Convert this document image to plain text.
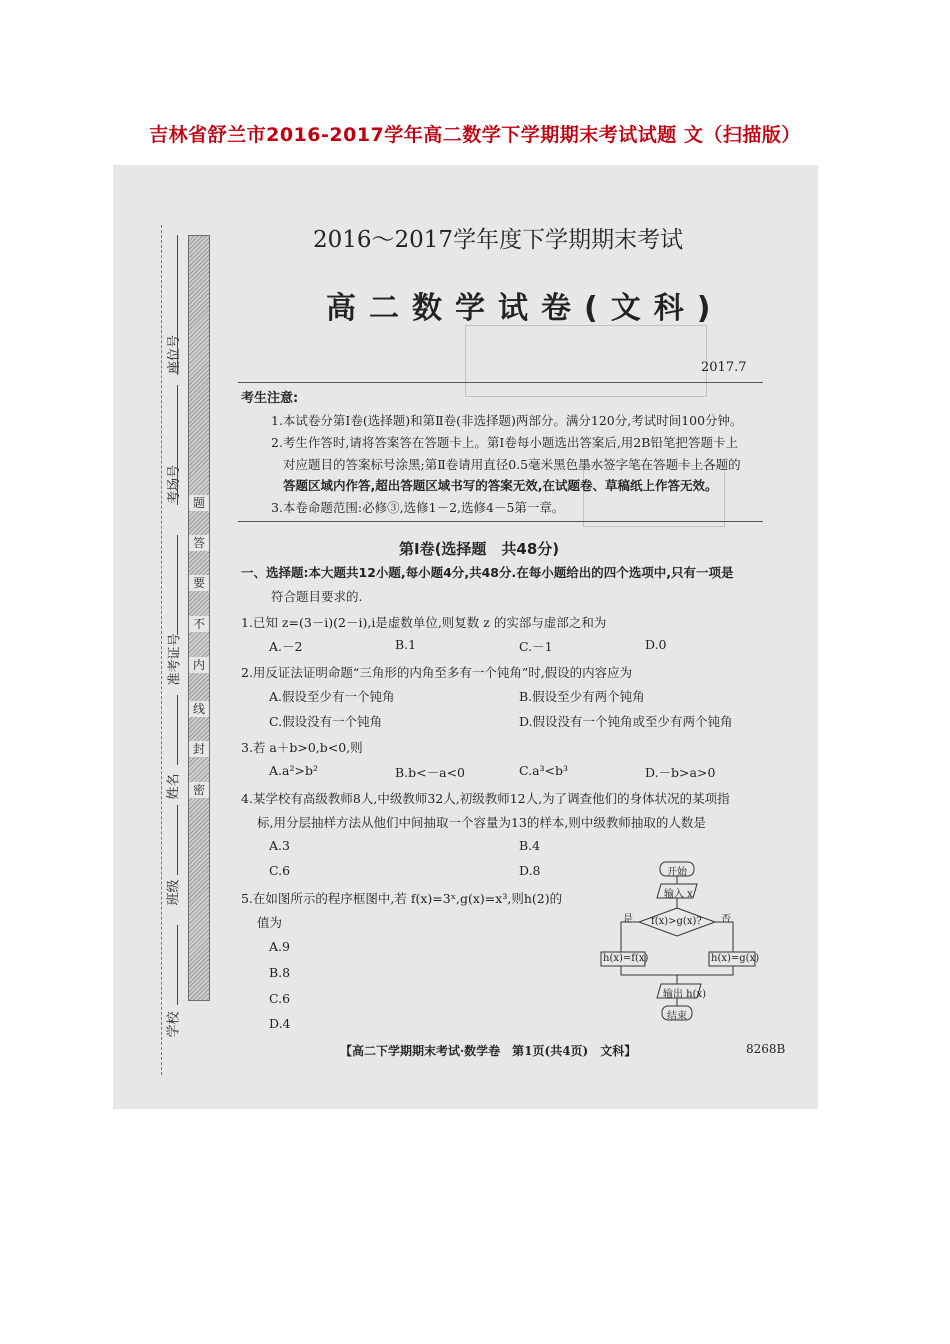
吉林省舒兰市2016-2017学年高二数学下学期期末考试试题 文（扫描版）
题
答
要
不
内
线
封
密
座位号
考场号
准考证号
姓名
班级
学校
2016～2017学年度下学期期末考试
高二数学试卷(文科)
2017.7
考生注意:
1.本试卷分第Ⅰ卷(选择题)和第Ⅱ卷(非选择题)两部分。满分120分,考试时间100分钟。
2.考生作答时,请将答案答在答题卡上。第Ⅰ卷每小题选出答案后,用2B铅笔把答题卡上
对应题目的答案标号涂黑;第Ⅱ卷请用直径0.5毫米黑色墨水签字笔在答题卡上各题的
答题区域内作答,超出答题区域书写的答案无效,在试题卷、草稿纸上作答无效。
3.本卷命题范围:必修③,选修1－2,选修4－5第一章。
第Ⅰ卷(选择题　共48分)
一、选择题:本大题共12小题,每小题4分,共48分.在每小题给出的四个选项中,只有一项是
符合题目要求的.
1.已知 z=(3－i)(2－i),i是虚数单位,则复数 z 的实部与虚部之和为
A.－2	B.1	C.－1	D.0
2.用反证法证明命题“三角形的内角至多有一个钝角”时,假设的内容应为
A.假设至少有一个钝角	B.假设至少有两个钝角
C.假设没有一个钝角	D.假设没有一个钝角或至少有两个钝角
3.若 a＋b>0,b<0,则
A.a²>b²	B.b<－a<0	C.a³<b³	D.－b>a>0
4.某学校有高级教师8人,中级教师32人,初级教师12人,为了调查他们的身体状况的某项指
标,用分层抽样方法从他们中间抽取一个容量为13的样本,则中级教师抽取的人数是
A.3	B.4
C.6	D.8
5.在如图所示的程序框图中,若 f(x)=3ˣ,g(x)=x³,则h(2)的
值为
A.9
B.8
C.6
D.4
开始
输入 x
f(x)>g(x)?
是	否
h(x)=f(x)	h(x)=g(x)
输出 h(x)
结束
【高二下学期期末考试·数学卷　第1页(共4页)　文科】	8268B
